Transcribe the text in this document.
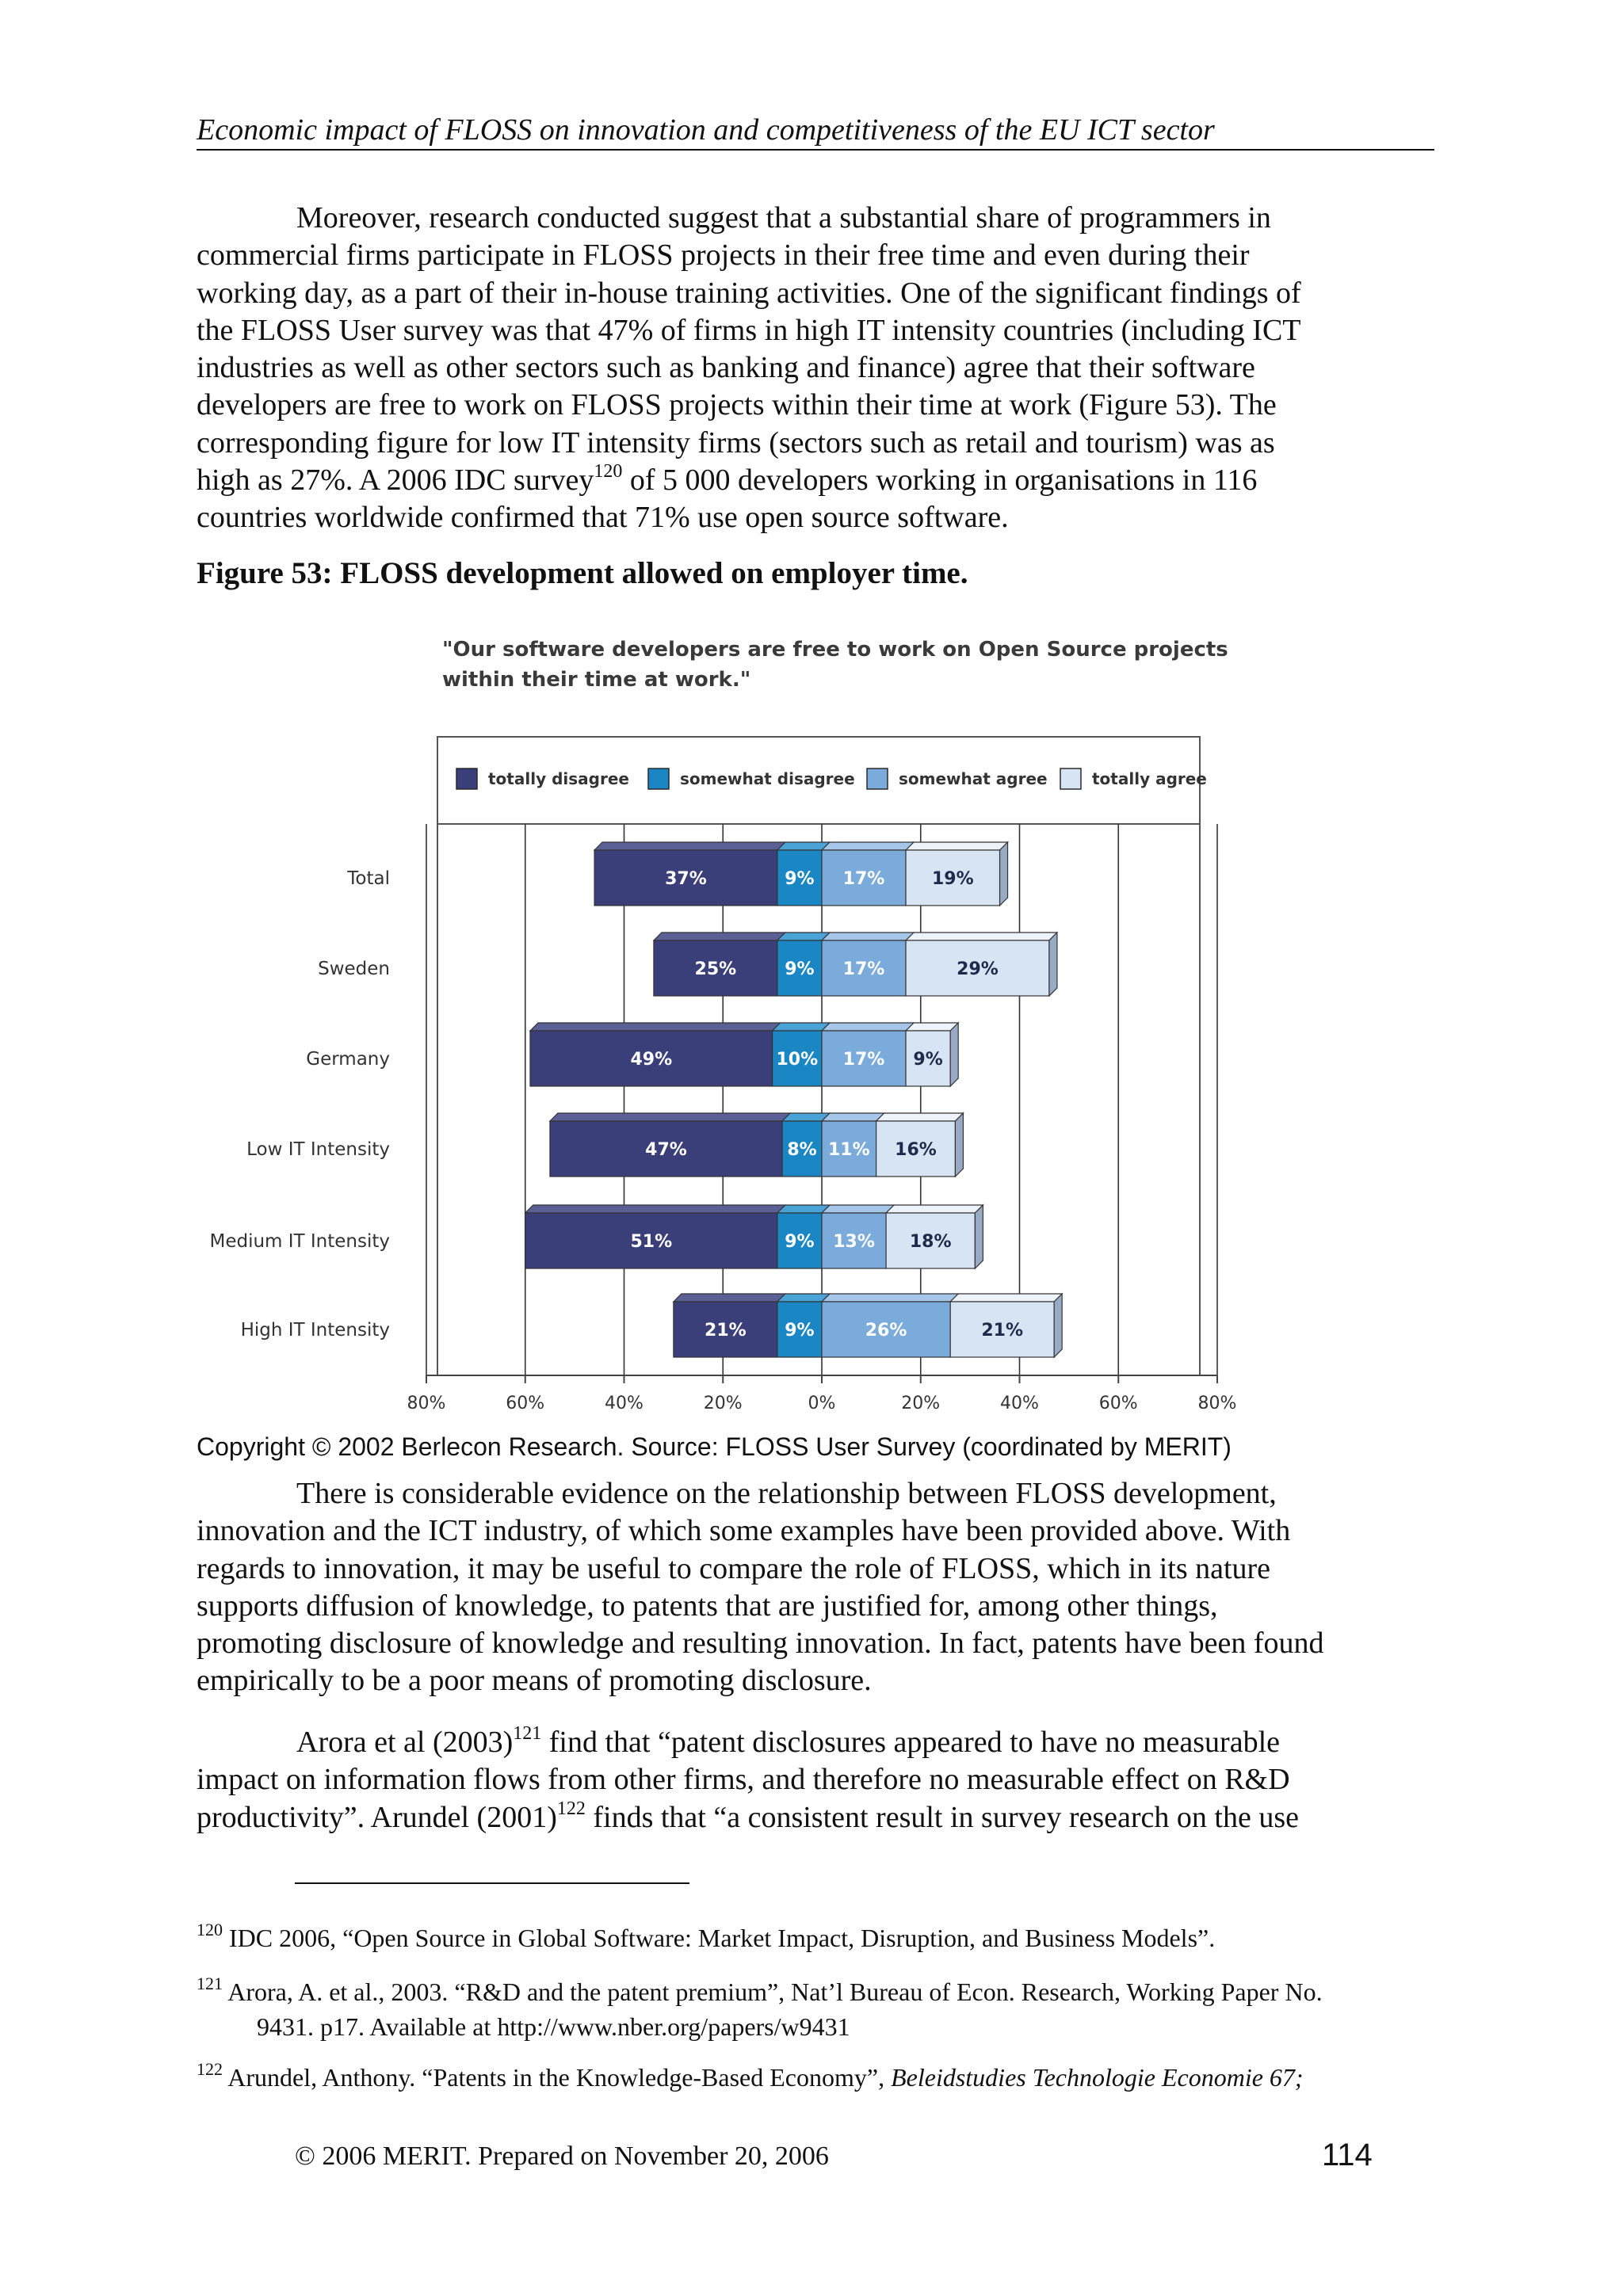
Economic impact of FLOSS on innovation and competitiveness of the EU ICT sector

Moreover, research conducted suggest that a substantial share of programmers in
commercial firms participate in FLOSS projects in their free time and even during their
working day, as a part of their in-house training activities. One of the significant findings of
the FLOSS User survey was that 47% of firms in high IT intensity countries (including ICT
industries as well as other sectors such as banking and finance) agree that their software
developers are free to work on FLOSS projects within their time at work (Figure 53). The
corresponding figure for low IT intensity firms (sectors such as retail and tourism) was as
high as 27%. A 2006 IDC survey$^{120}$ of 5 000 developers working in organisations in 116
countries worldwide confirmed that 71% use open source software.

Figure 53: FLOSS development allowed on employer time.
"Our software developers are free to work on Open Source projects
within their time at work."
totally disagree	somewhat disagree	somewhat agree	totally agree
80%	60%	40%	20%	0%	20%	40%	60%	80%
Copyright © 2002 Berlecon Research. Source: FLOSS User Survey (coordinated by MERIT)

There is considerable evidence on the relationship between FLOSS development,
innovation and the ICT industry, of which some examples have been provided above. With
regards to innovation, it may be useful to compare the role of FLOSS, which in its nature
supports diffusion of knowledge, to patents that are justified for, among other things,
promoting disclosure of knowledge and resulting innovation. In fact, patents have been found
empirically to be a poor means of promoting disclosure.

Arora et al $(2003)^{121}$ find that “patent disclosures appeared to have no measurable
impact on information flows from other firms, and therefore no measurable effect on R&D
productivity”. Arundel $(2001)^{122}$ finds that “a consistent result in survey research on the use

$^{120}$ IDC 2006, “Open Source in Global Software: Market Impact, Disruption, and Business Models”.
$^{121}$ Arora, A. et al., 2003. “R&D and the patent premium”, Nat’l Bureau of Econ. Research, Working Paper No.
9431. p17. Available at http://www.nber.org/papers/w9431
$^{122}$ Arundel, Anthony. “Patents in the Knowledge-Based Economy”, Beleidstudies Technologie Economie 67;
© 2006 MERIT. Prepared on November 20, 2006	114
Total	37%	9% 17%	19%
Sweden	25%	9% 17%	29%
Germany	49%	10% 17% 9%
Low IT Intensity	47%	8% 11% 16%
Medium IT Intensity	51%	9% 13% 18%
High IT Intensity	21% 9%	26%	21%
